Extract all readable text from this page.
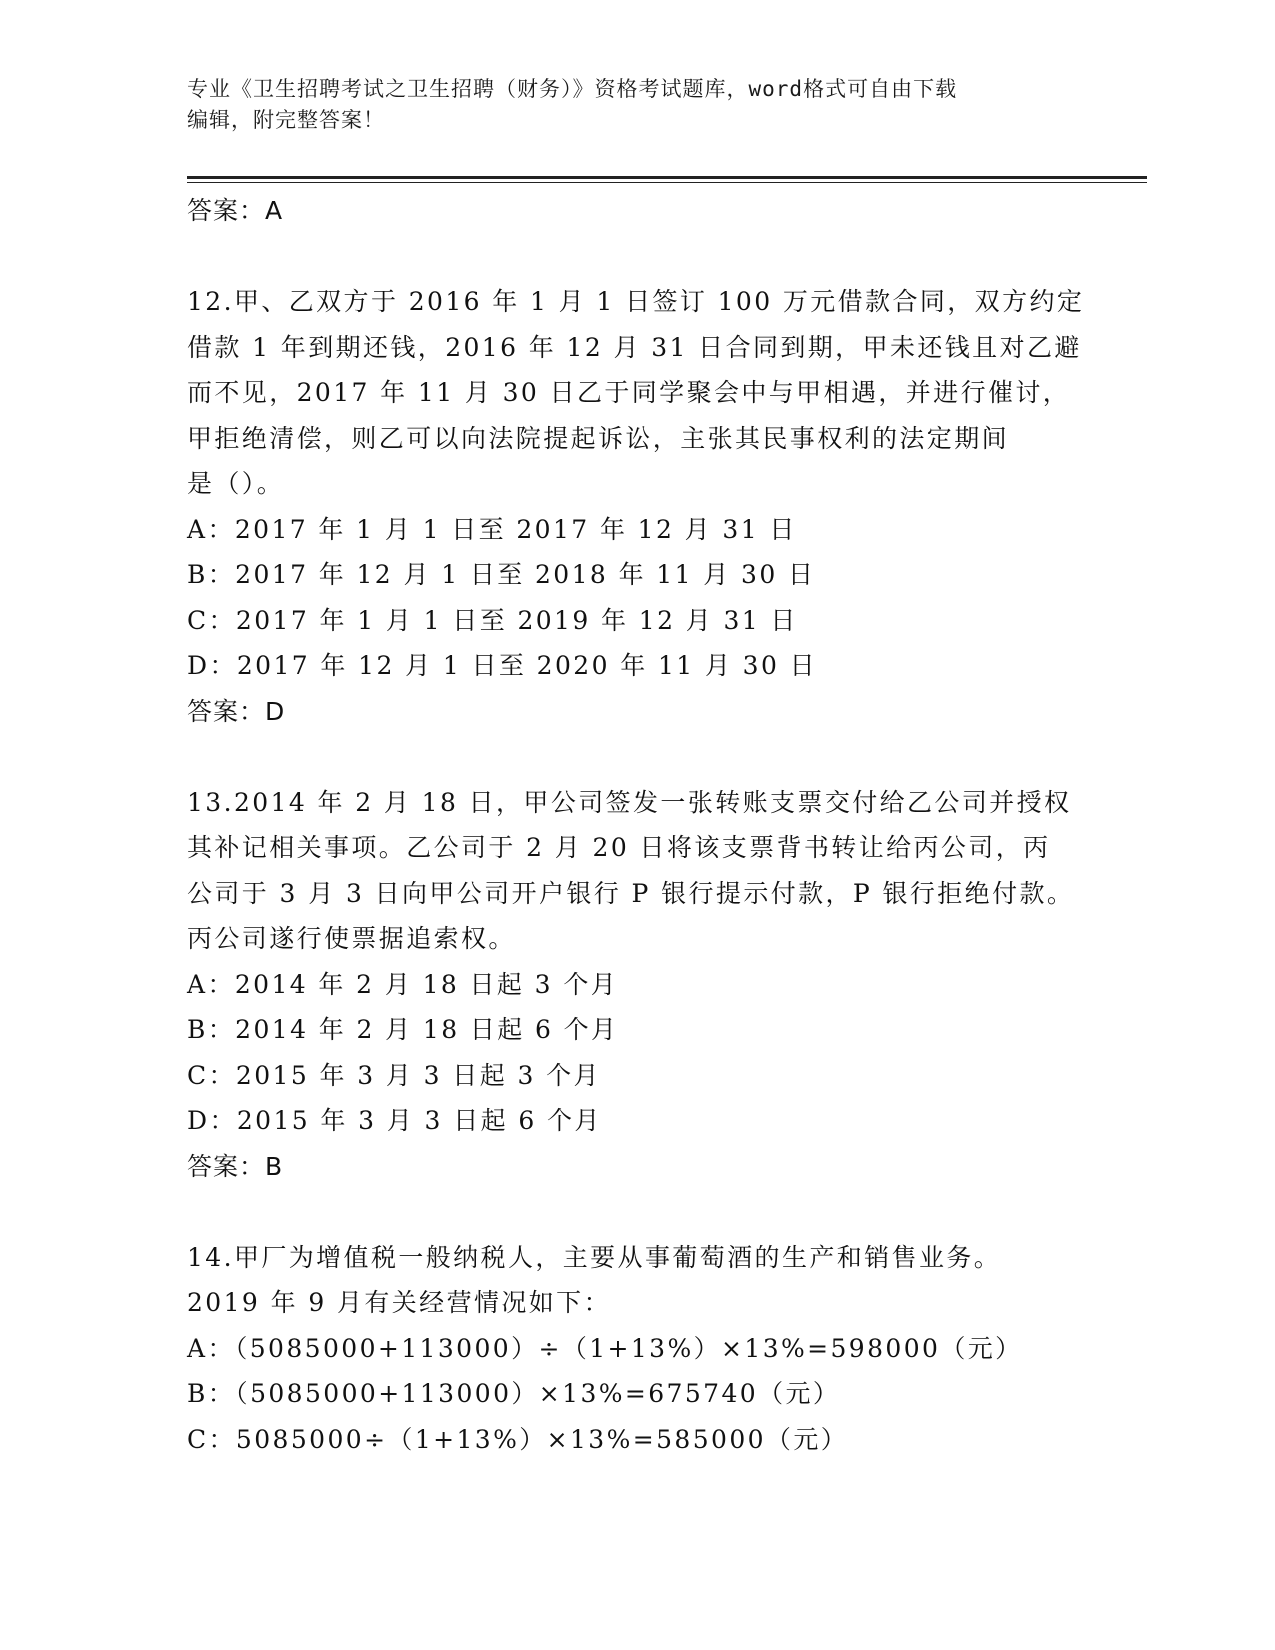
专业《卫生招聘考试之卫生招聘（财务）》资格考试题库，word格式可自由下载
编辑，附完整答案！
答案：A
12.甲、乙双方于 2016 年 1 月 1 日签订 100 万元借款合同，双方约定
借款 1 年到期还钱，2016 年 12 月 31 日合同到期，甲未还钱且对乙避
而不见，2017 年 11 月 30 日乙于同学聚会中与甲相遇，并进行催讨，
甲拒绝清偿，则乙可以向法院提起诉讼，主张其民事权利的法定期间
是（）。
A：2017 年 1 月 1 日至 2017 年 12 月 31 日
B：2017 年 12 月 1 日至 2018 年 11 月 30 日
C：2017 年 1 月 1 日至 2019 年 12 月 31 日
D：2017 年 12 月 1 日至 2020 年 11 月 30 日
答案：D
13.2014 年 2 月 18 日，甲公司签发一张转账支票交付给乙公司并授权
其补记相关事项。乙公司于 2 月 20 日将该支票背书转让给丙公司，丙
公司于 3 月 3 日向甲公司开户银行 P 银行提示付款，P 银行拒绝付款。
丙公司遂行使票据追索权。
A：2014 年 2 月 18 日起 3 个月
B：2014 年 2 月 18 日起 6 个月
C：2015 年 3 月 3 日起 3 个月
D：2015 年 3 月 3 日起 6 个月
答案：B
14.甲厂为增值税一般纳税人，主要从事葡萄酒的生产和销售业务。
2019 年 9 月有关经营情况如下：
A：（5085000+113000）÷（1+13%）×13%=598000（元）
B：（5085000+113000）×13%=675740（元）
C：5085000÷（1+13%）×13%=585000（元）
